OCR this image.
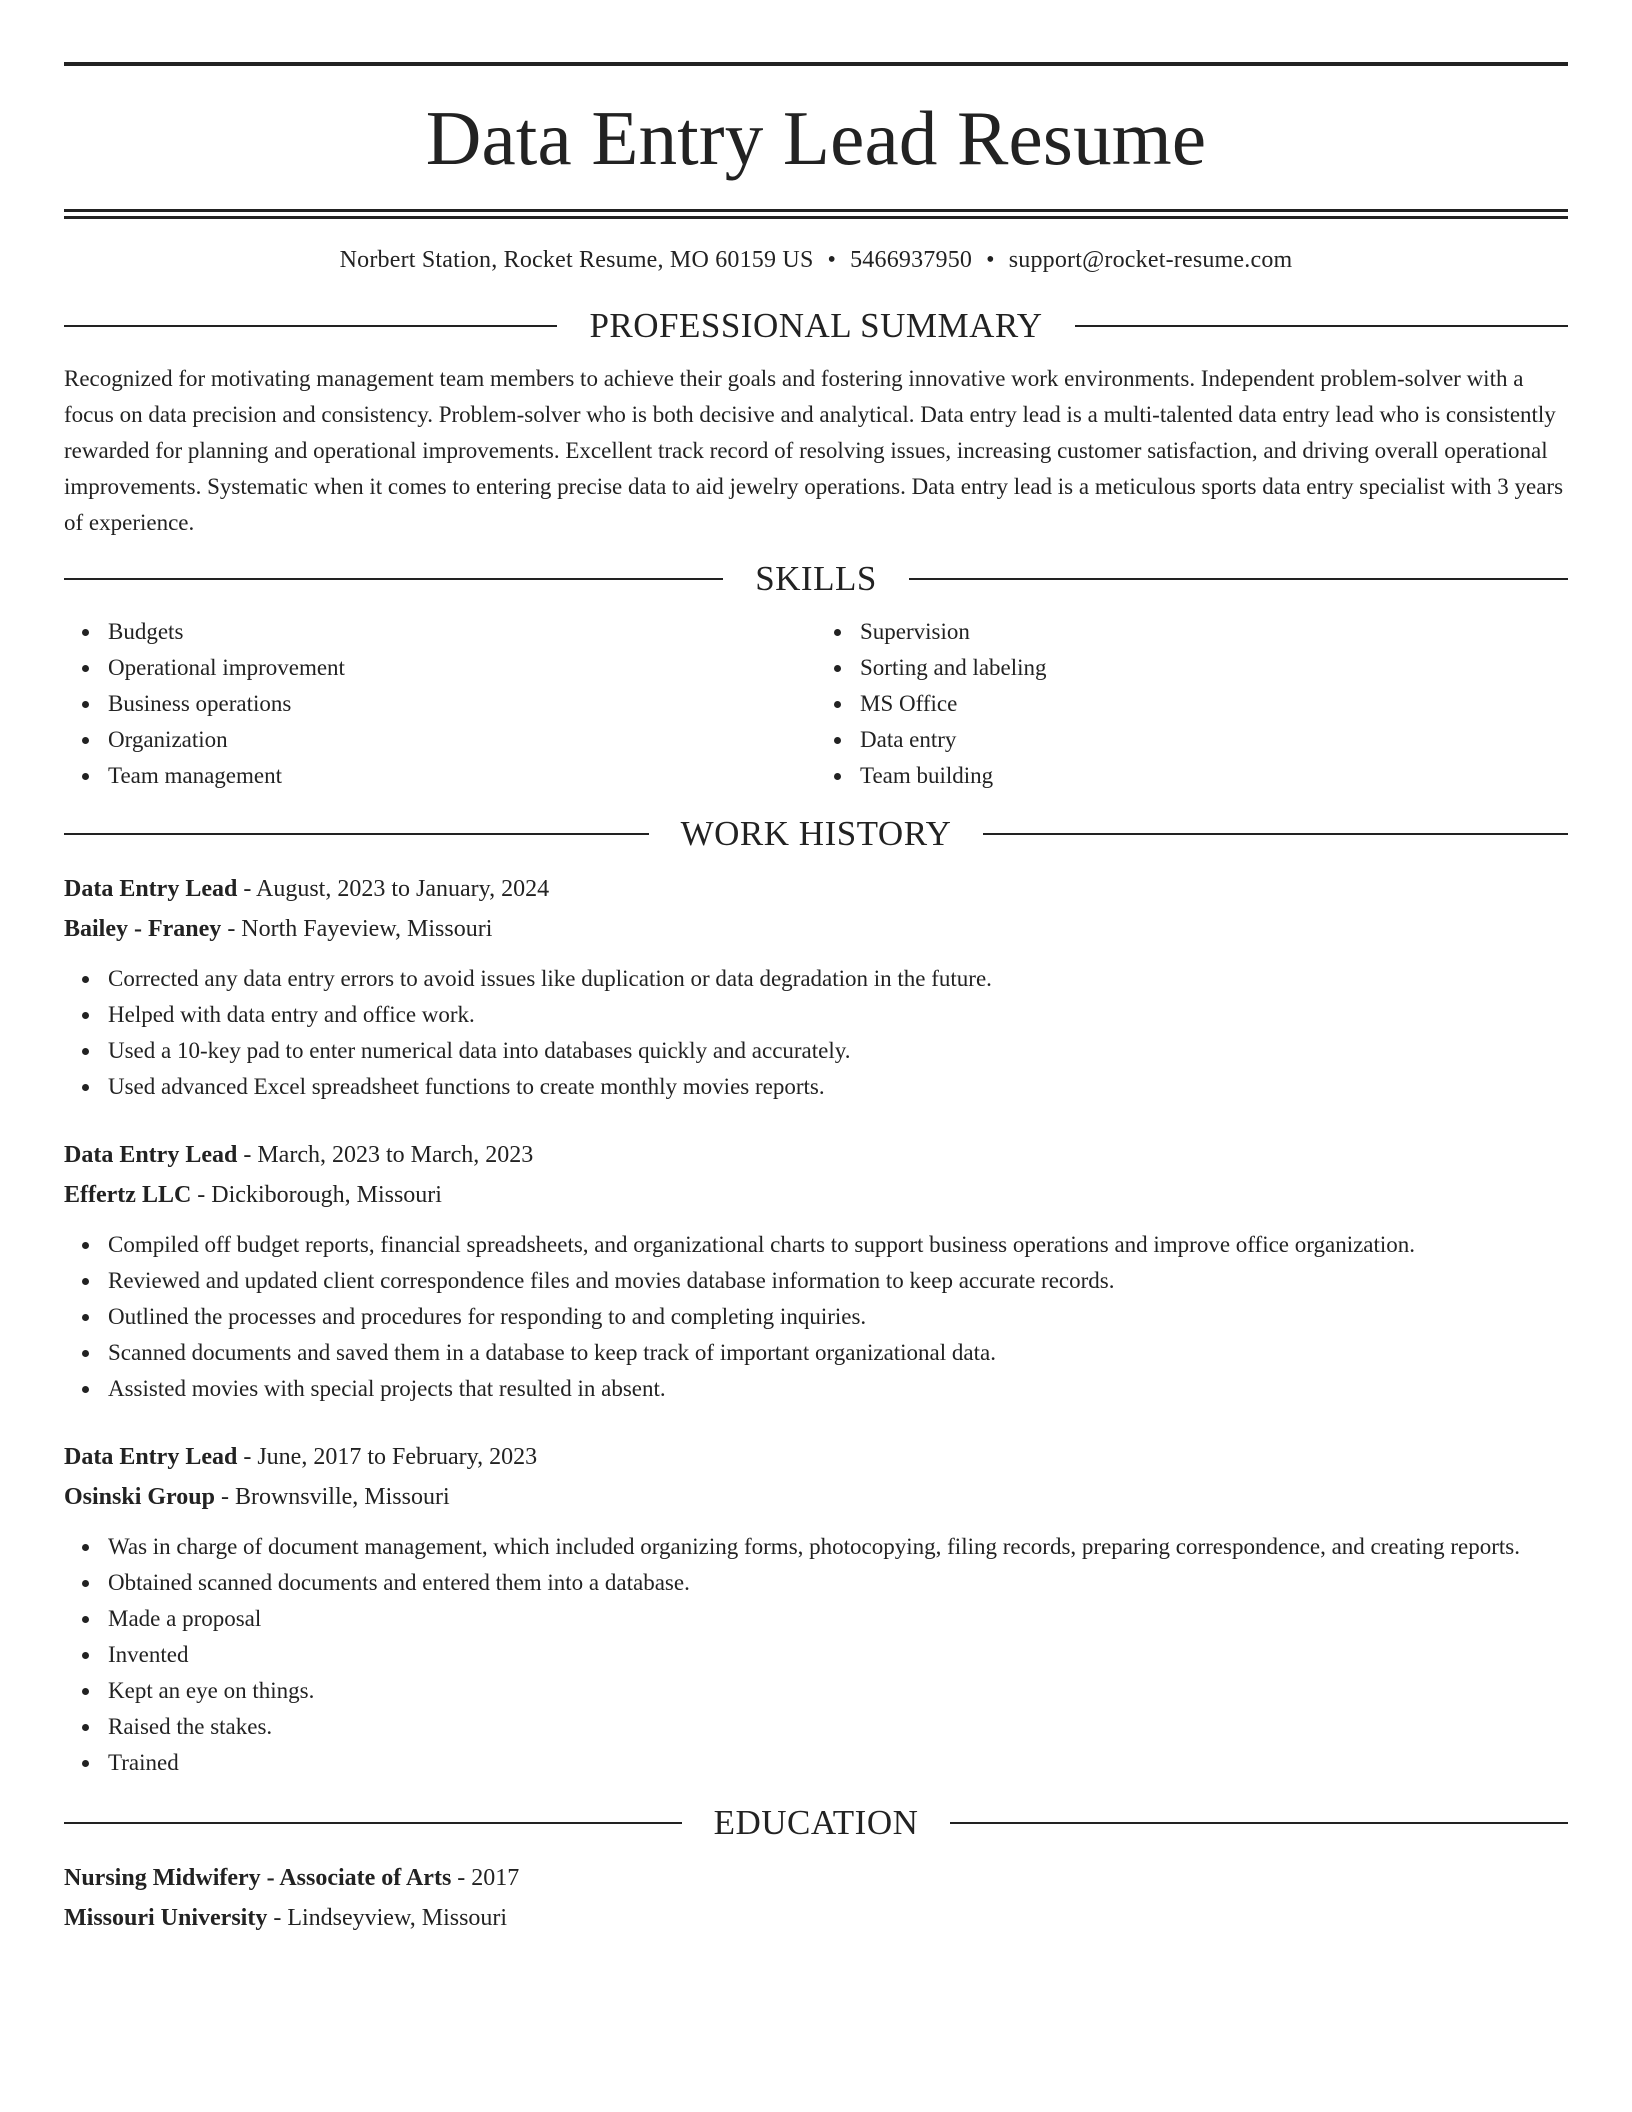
Data Entry Lead Resume
Norbert Station, Rocket Resume, MO 60159 US • 5466937950 • support@rocket-resume.com
PROFESSIONAL SUMMARY
Recognized for motivating management team members to achieve their goals and fostering innovative work environments. Independent problem-solver with a focus on data precision and consistency. Problem-solver who is both decisive and analytical. Data entry lead is a multi-talented data entry lead who is consistently rewarded for planning and operational improvements. Excellent track record of resolving issues, increasing customer satisfaction, and driving overall operational improvements. Systematic when it comes to entering precise data to aid jewelry operations. Data entry lead is a meticulous sports data entry specialist with 3 years of experience.
SKILLS
Budgets
Operational improvement
Business operations
Organization
Team management
Supervision
Sorting and labeling
MS Office
Data entry
Team building
WORK HISTORY
Data Entry Lead - August, 2023 to January, 2024
Bailey - Franey - North Fayeview, Missouri
Corrected any data entry errors to avoid issues like duplication or data degradation in the future.
Helped with data entry and office work.
Used a 10-key pad to enter numerical data into databases quickly and accurately.
Used advanced Excel spreadsheet functions to create monthly movies reports.
Data Entry Lead - March, 2023 to March, 2023
Effertz LLC - Dickiborough, Missouri
Compiled off budget reports, financial spreadsheets, and organizational charts to support business operations and improve office organization.
Reviewed and updated client correspondence files and movies database information to keep accurate records.
Outlined the processes and procedures for responding to and completing inquiries.
Scanned documents and saved them in a database to keep track of important organizational data.
Assisted movies with special projects that resulted in absent.
Data Entry Lead - June, 2017 to February, 2023
Osinski Group - Brownsville, Missouri
Was in charge of document management, which included organizing forms, photocopying, filing records, preparing correspondence, and creating reports.
Obtained scanned documents and entered them into a database.
Made a proposal
Invented
Kept an eye on things.
Raised the stakes.
Trained
EDUCATION
Nursing Midwifery - Associate of Arts - 2017
Missouri University - Lindseyview, Missouri
